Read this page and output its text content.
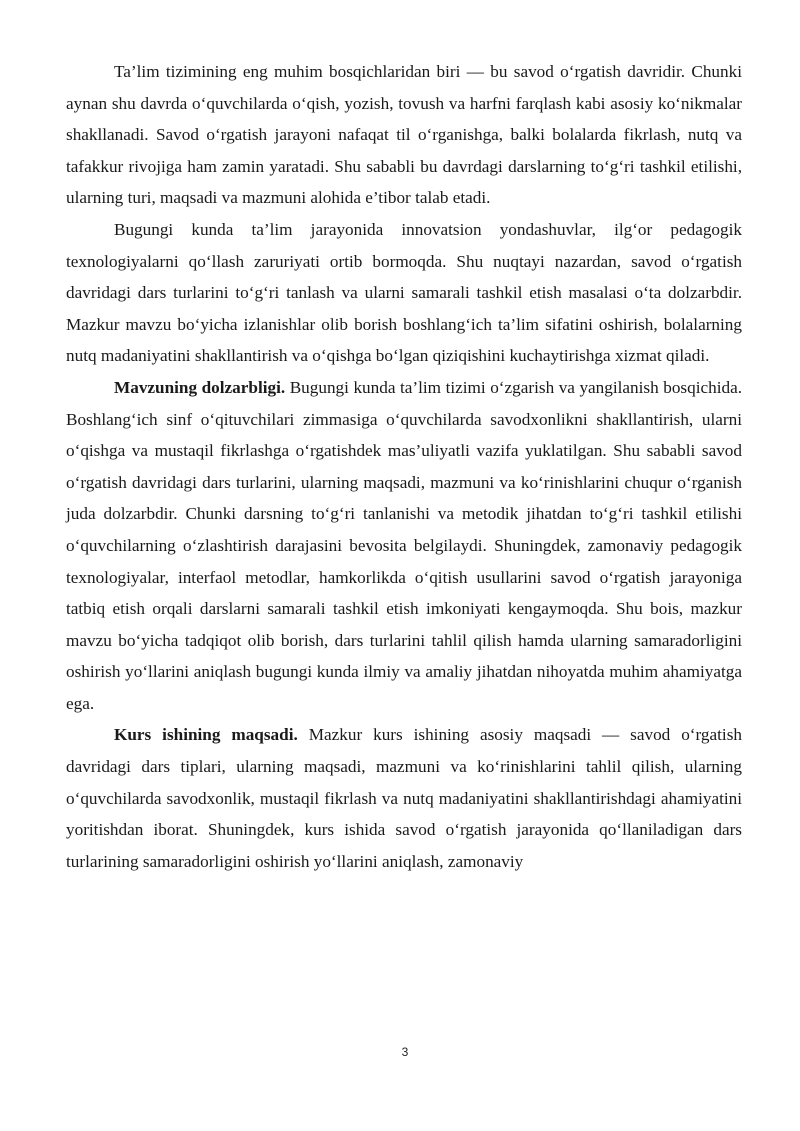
Ta’lim tizimining eng muhim bosqichlaridan biri — bu savod o‘rgatish davridir. Chunki aynan shu davrda o‘quvchilarda o‘qish, yozish, tovush va harfni farqlash kabi asosiy ko‘nikmalar shakllanadi. Savod o‘rgatish jarayoni nafaqat til o‘rganishga, balki bolalarda fikrlash, nutq va tafakkur rivojiga ham zamin yaratadi. Shu sababli bu davrdagi darslarning to‘g‘ri tashkil etilishi, ularning turi, maqsadi va mazmuni alohida e’tibor talab etadi.

Bugungi kunda ta’lim jarayonida innovatsion yondashuvlar, ilg‘or pedagogik texnologiyalarni qo‘llash zaruriyati ortib bormoqda. Shu nuqtayi nazardan, savod o‘rgatish davridagi dars turlarini to‘g‘ri tanlash va ularni samarali tashkil etish masalasi o‘ta dolzarbdir. Mazkur mavzu bo‘yicha izlanishlar olib borish boshlang‘ich ta’lim sifatini oshirish, bolalarning nutq madaniyatini shakllantirish va o‘qishga bo‘lgan qiziqishini kuchaytirishga xizmat qiladi.

Mavzuning dolzarbligi. Bugungi kunda ta’lim tizimi o‘zgarish va yangilanish bosqichida. Boshlang‘ich sinf o‘qituvchilari zimmasiga o‘quvchilarda savodxonlikni shakllantirish, ularni o‘qishga va mustaqil fikrlashga o‘rgatishdek mas’uliyatli vazifa yuklatilgan. Shu sababli savod o‘rgatish davridagi dars turlarini, ularning maqsadi, mazmuni va ko‘rinishlarini chuqur o‘rganish juda dolzarbdir. Chunki darsning to‘g‘ri tanlanishi va metodik jihatdan to‘g‘ri tashkil etilishi o‘quvchilarning o‘zlashtirish darajasini bevosita belgilaydi. Shuningdek, zamonaviy pedagogik texnologiyalar, interfaol metodlar, hamkorlikda o‘qitish usullarini savod o‘rgatish jarayoniga tatbiq etish orqali darslarni samarali tashkil etish imkoniyati kengaymoqda. Shu bois, mazkur mavzu bo‘yicha tadqiqot olib borish, dars turlarini tahlil qilish hamda ularning samaradorligini oshirish yo‘llarini aniqlash bugungi kunda ilmiy va amaliy jihatdan nihoyatda muhim ahamiyatga ega.

Kurs ishining maqsadi. Mazkur kurs ishining asosiy maqsadi — savod o‘rgatish davridagi dars tiplari, ularning maqsadi, mazmuni va ko‘rinishlarini tahlil qilish, ularning o‘quvchilarda savodxonlik, mustaqil fikrlash va nutq madaniyatini shakllantirishdagi ahamiyatini yoritishdan iborat. Shuningdek, kurs ishida savod o‘rgatish jarayonida qo‘llaniladigan dars turlarining samaradorligini oshirish yo‘llarini aniqlash, zamonaviy

3
